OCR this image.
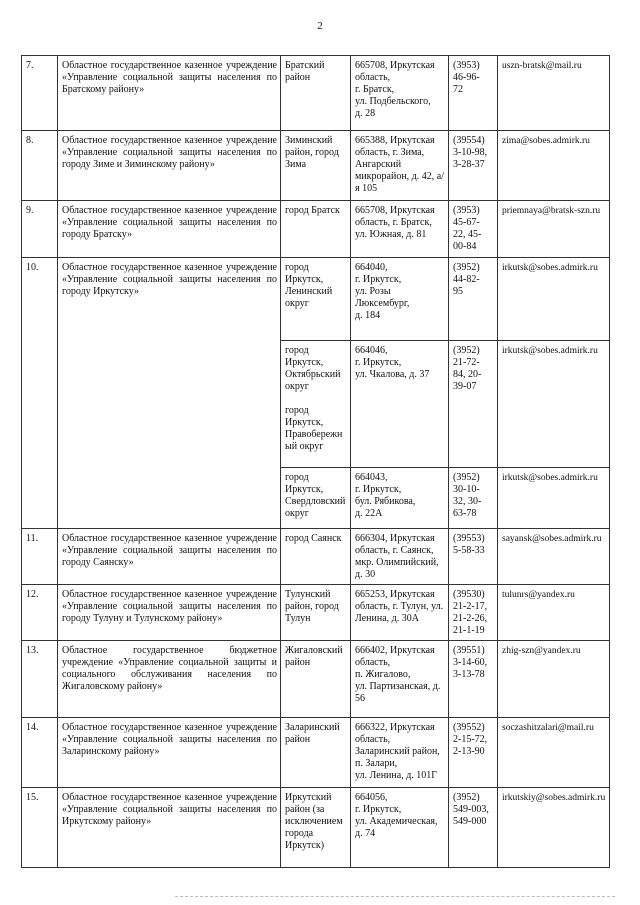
2
7.	Областное государственное казенное учреждение «Управление социальной защиты населения по Братскому району»	Братский район	665708, Иркутская область,
г. Братск,
ул. Подбельского,
д. 28	(3953)
46-96-
72	uszn-bratsk@mail.ru
8.	Областное государственное казенное учреждение «Управление социальной защиты населения по городу Зиме и Зиминскому району»	Зиминский район, город Зима	665388, Иркутская область, г. Зима, Ангарский микрорайон, д. 42, а/я 105	(39554)
3-10-98,
3-28-37	zima@sobes.admirk.ru
9.	Областное государственное казенное учреждение «Управление социальной защиты населения по городу Братску»	город Братск	665708, Иркутская область, г. Братск, ул. Южная, д. 81	(3953)
45-67-
22, 45-
00-84	priemnaya@bratsk-szn.ru
10.	Областное государственное казенное учреждение «Управление социальной защиты населения по городу Иркутску»	город Иркутск, Ленинский округ	664040,
г. Иркутск,
ул. Розы
Люксембург,
д. 184	(3952)
44-82-
95	irkutsk@sobes.admirk.ru

		город Иркутск, Октябрьский округ
город Иркутск, Правобережный округ	664046,
г. Иркутск,
ул. Чкалова, д. 37	(3952)
21-72-
84, 20-
39-07	irkutsk@sobes.admirk.ru

		город Иркутск, Свердловский округ	664043,
г. Иркутск,
бул. Рябикова,
д. 22А	(3952)
30-10-
32, 30-
63-78	irkutsk@sobes.admirk.ru
11.	Областное государственное казенное учреждение «Управление социальной защиты населения по городу Саянску»	город Саянск	666304, Иркутская область, г. Саянск, мкр. Олимпийский, д. 30	(39553)
5-58-33	sayansk@sobes.admirk.ru
12.	Областное государственное казенное учреждение «Управление социальной защиты населения по городу Тулуну и Тулунскому району»	Тулунский район, город Тулун	665253, Иркутская область, г. Тулун, ул. Ленина, д. 30А	(39530)
21-2-17,
21-2-26,
21-1-19	tulunrs@yandex.ru
13.	Областное государственное бюджетное учреждение «Управление социальной защиты и социального обслуживания населения по Жигаловскому району»	Жигаловский район	666402, Иркутская область,
п. Жигалово,
ул. Партизанская, д.
56	(39551)
3-14-60,
3-13-78	zhig-szn@yandex.ru
14.	Областное государственное казенное учреждение «Управление социальной защиты населения по Заларинскому району»	Заларинский район	666322, Иркутская область,
Заларинский район,
п. Залари,
ул. Ленина, д. 101Г	(39552)
2-15-72,
2-13-90	soczashitzalari@mail.ru
15.	Областное государственное казенное учреждение «Управление социальной защиты населения по Иркутскому району»	Иркутский район (за исключением города Иркутск)	664056,
г. Иркутск,
ул. Академическая,
д. 74	(3952)
549-003,
549-000	irkutskiy@sobes.admirk.ru
